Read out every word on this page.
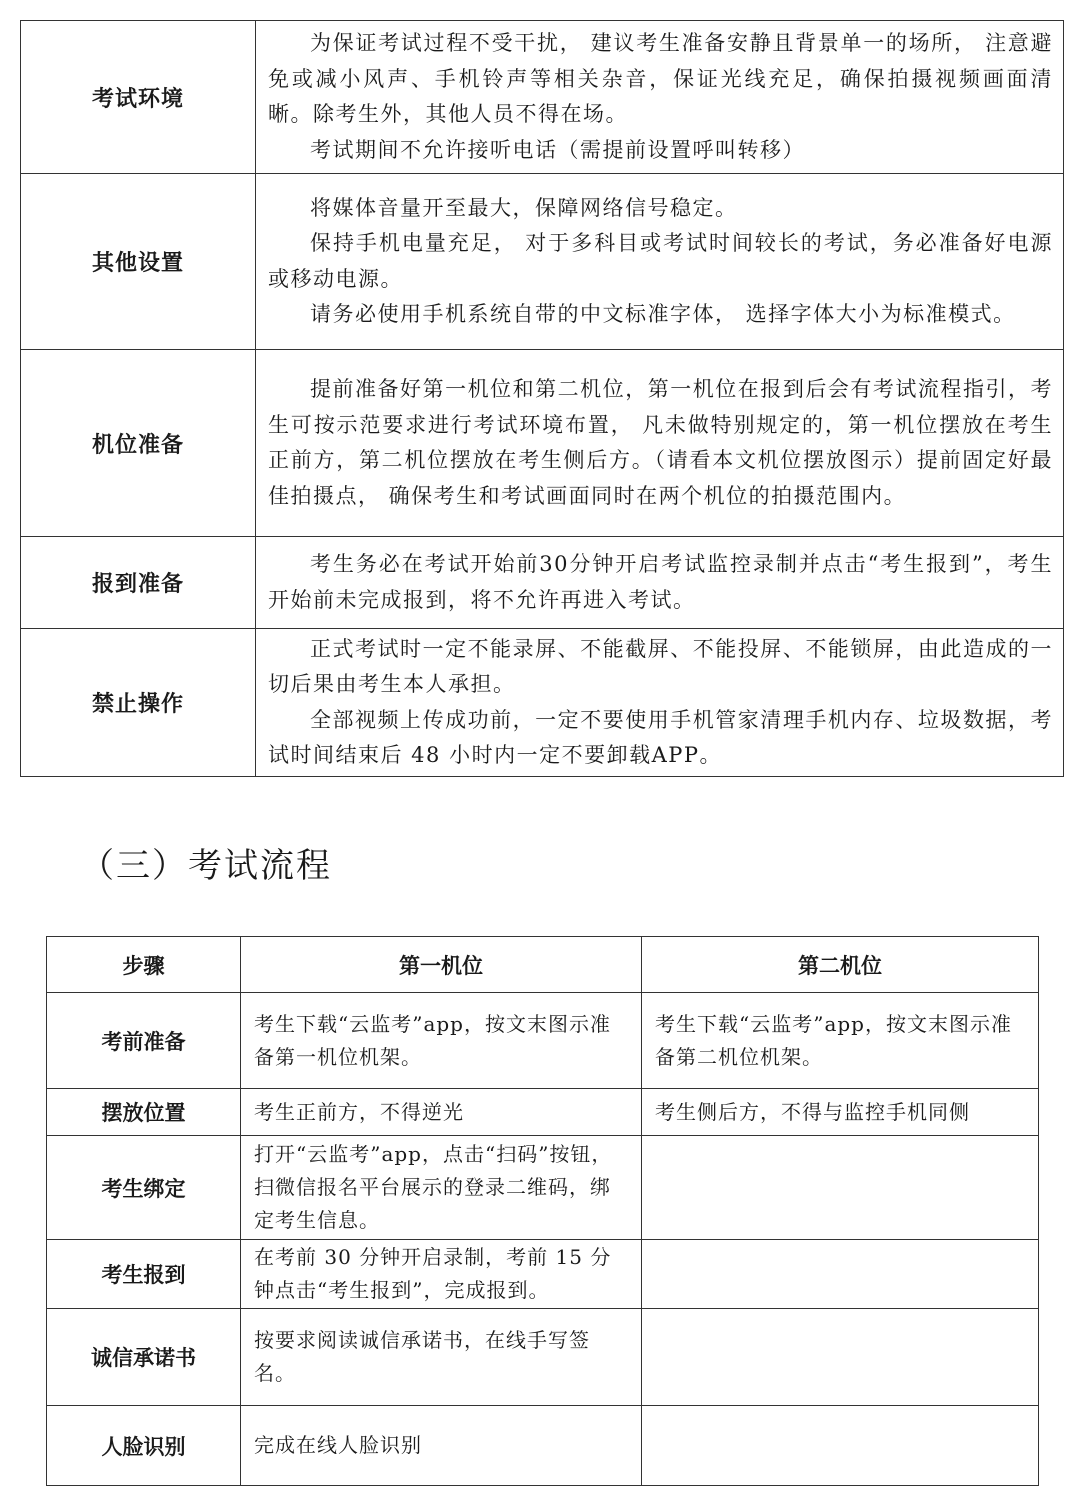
考试环境	为保证考试过程不受干扰， 建议考生准备安静且背景单一的场所， 注意避免或减小风声、手机铃声等相关杂音，保证光线充足，确保拍摄视频画面清晰。除考生外，其他人员不得在场。

考试期间不允许接听电话（需提前设置呼叫转移）

其他设置	将媒体音量开至最大，保障网络信号稳定。

保持手机电量充足， 对于多科目或考试时间较长的考试，务必准备好电源或移动电源。

请务必使用手机系统自带的中文标准字体， 选择字体大小为标准模式。

机位准备	提前准备好第一机位和第二机位，第一机位在报到后会有考试流程指引，考生可按示范要求进行考试环境布置， 凡未做特别规定的，第一机位摆放在考生正前方，第二机位摆放在考生侧后方。（请看本文机位摆放图示）提前固定好最佳拍摄点， 确保考生和考试画面同时在两个机位的拍摄范围内。

报到准备	考生务必在考试开始前30分钟开启考试监控录制并点击“考生报到”，考生开始前未完成报到，将不允许再进入考试。

禁止操作	正式考试时一定不能录屏、不能截屏、不能投屏、不能锁屏，由此造成的一切后果由考生本人承担。

全部视频上传成功前，一定不要使用手机管家清理手机内存、垃圾数据，考试时间结束后 48 小时内一定不要卸载APP。

（三）考试流程
步骤	第一机位	第二机位
考前准备	考生下载“云监考”app，按文末图示准备第一机位机架。	考生下载“云监考”app，按文末图示准备第二机位机架。
摆放位置	考生正前方，不得逆光	考生侧后方，不得与监控手机同侧
考生绑定	打开“云监考”app，点击“扫码”按钮，扫微信报名平台展示的登录二维码，绑定考生信息。	
考生报到	在考前 30 分钟开启录制，考前 15 分钟点击“考生报到”，完成报到。	
诚信承诺书	按要求阅读诚信承诺书，在线手写签名。	
人脸识别	完成在线人脸识别	
